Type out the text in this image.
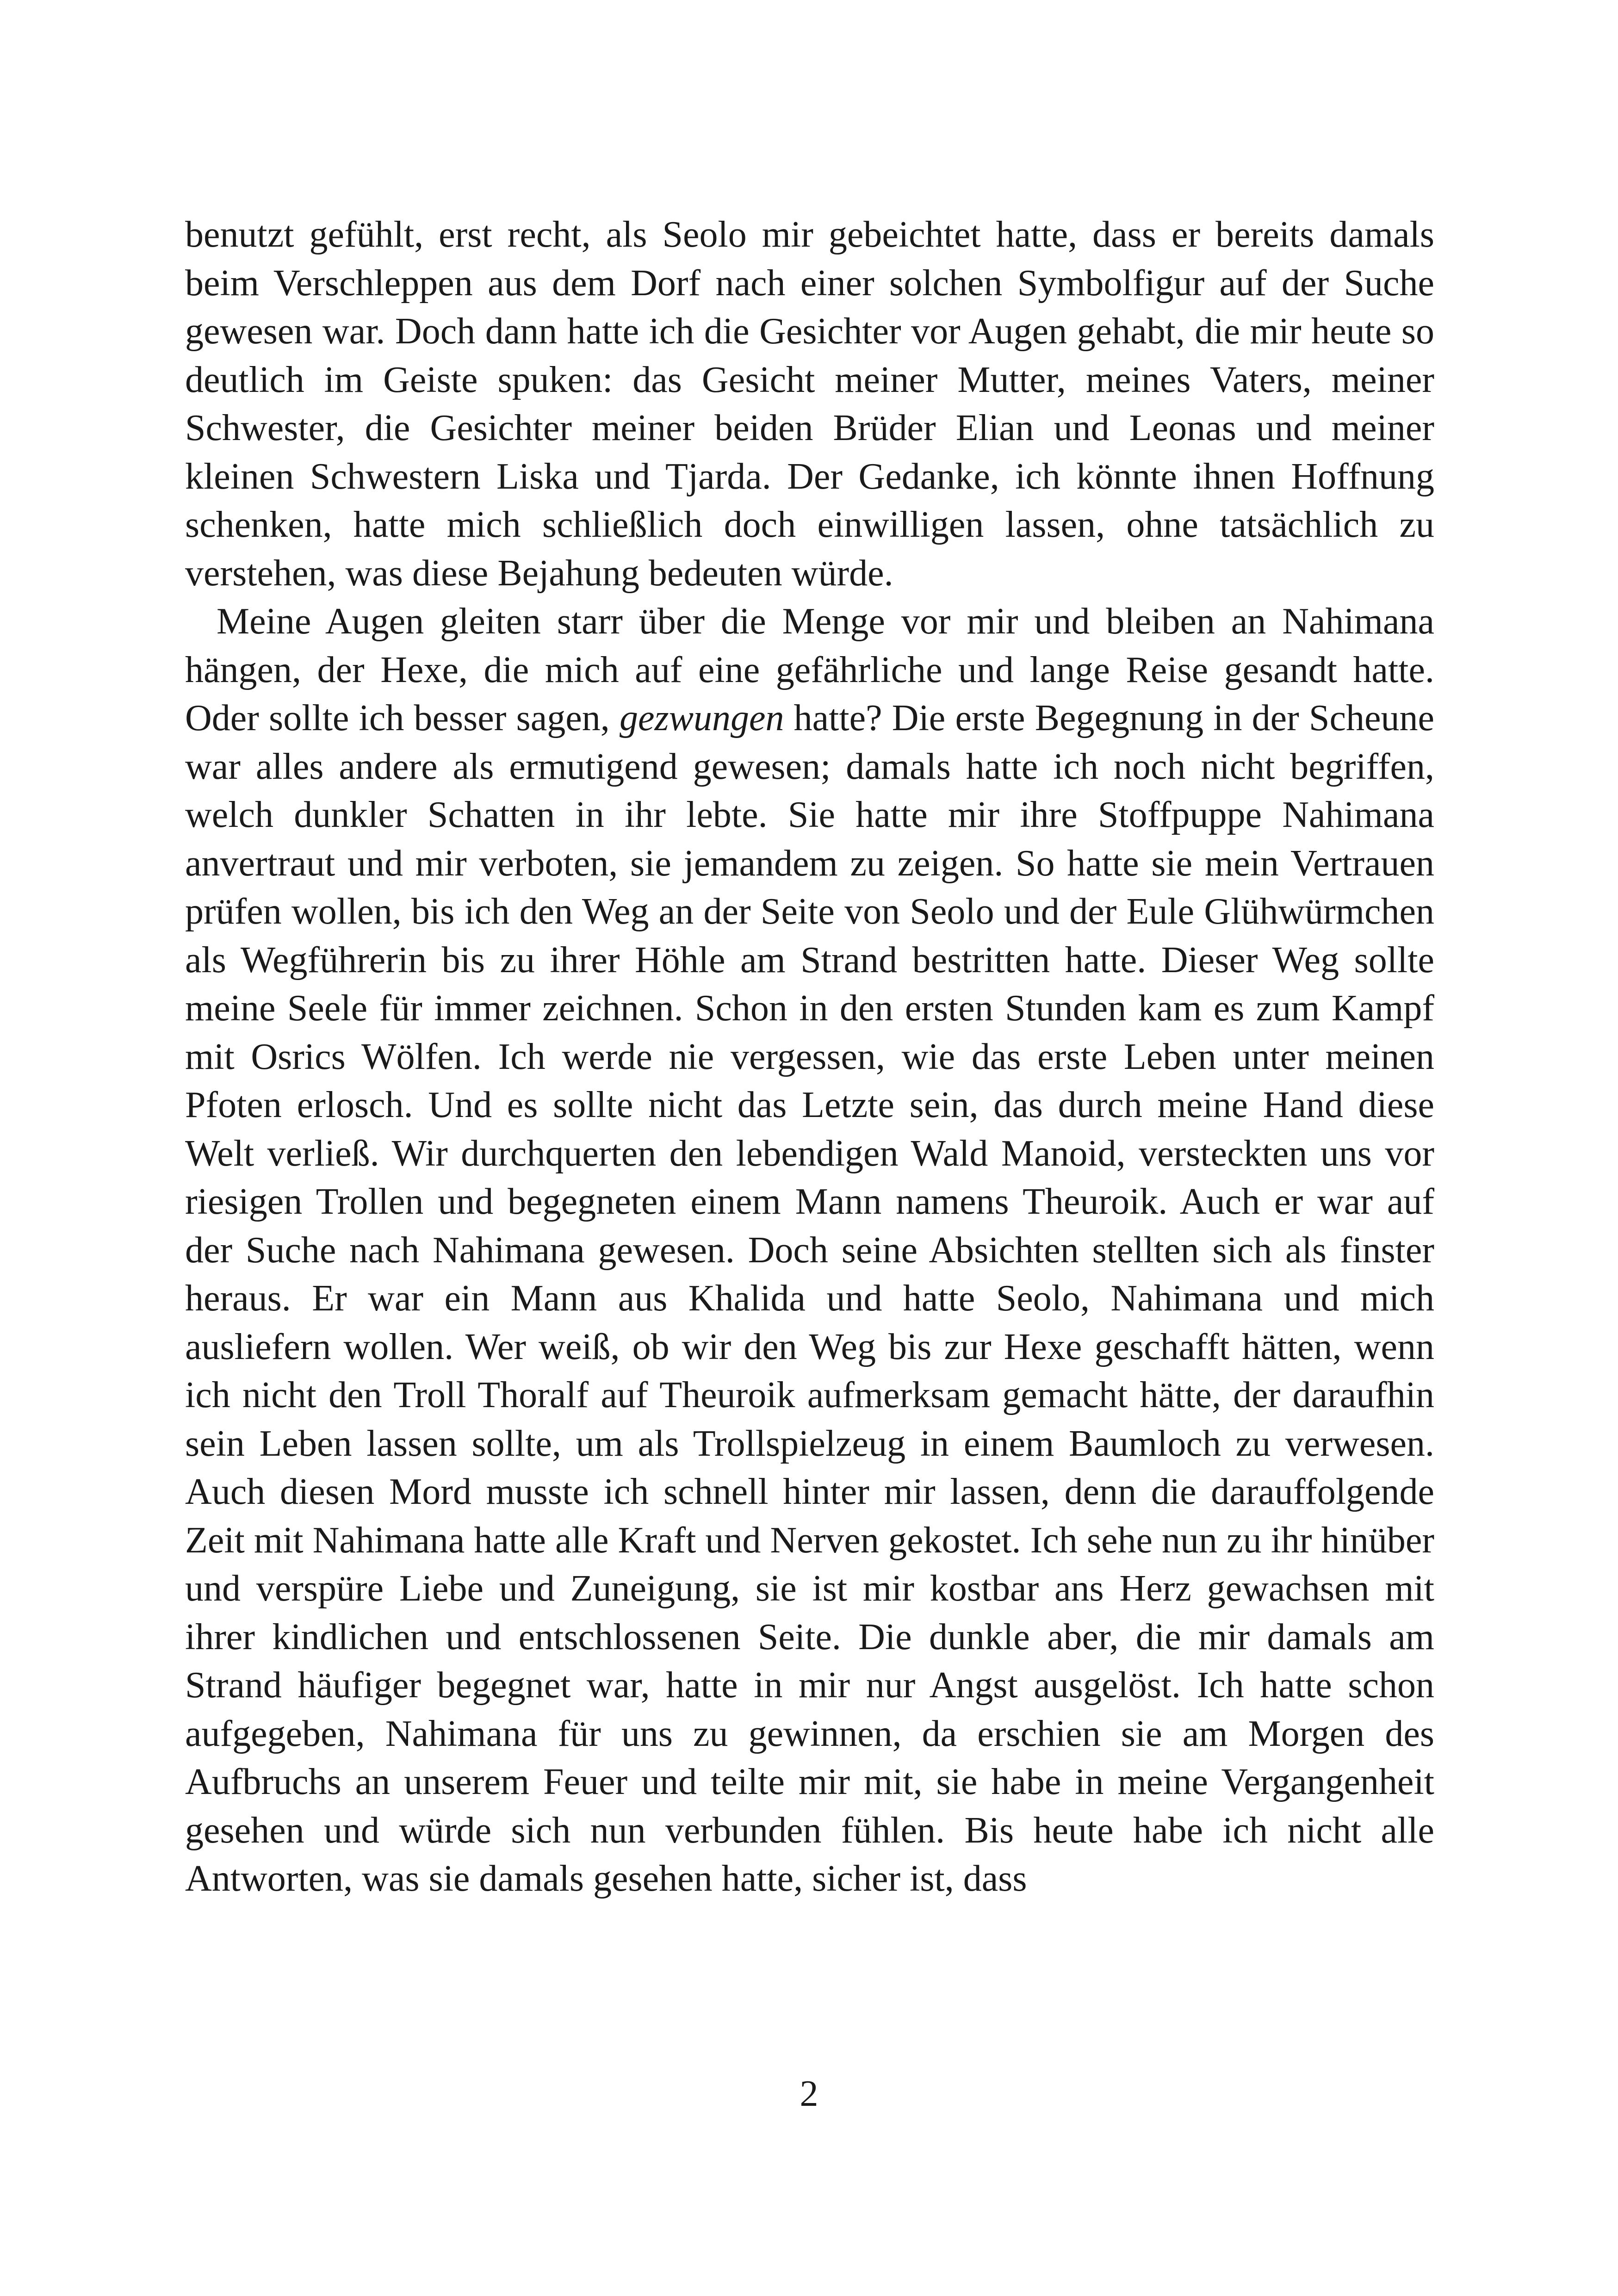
benutzt gefühlt, erst recht, als Seolo mir gebeichtet hatte, dass er bereits damals beim Verschleppen aus dem Dorf nach einer solchen Symbolfigur auf der Suche gewesen war. Doch dann hatte ich die Gesichter vor Augen gehabt, die mir heute so deutlich im Geiste spuken: das Gesicht meiner Mutter, meines Vaters, meiner Schwester, die Gesichter meiner beiden Brüder Elian und Leonas und meiner kleinen Schwestern Liska und Tjarda. Der Gedanke, ich könnte ihnen Hoffnung schenken, hatte mich schließlich doch einwilligen lassen, ohne tatsächlich zu verstehen, was diese Bejahung bedeuten würde.

Meine Augen gleiten starr über die Menge vor mir und bleiben an Nahimana hängen, der Hexe, die mich auf eine gefährliche und lange Reise gesandt hatte. Oder sollte ich besser sagen, gezwungen hatte? Die erste Begegnung in der Scheune war alles andere als ermutigend gewesen; damals hatte ich noch nicht begriffen, welch dunkler Schatten in ihr lebte. Sie hatte mir ihre Stoffpuppe Nahimana anvertraut und mir verboten, sie jemandem zu zeigen. So hatte sie mein Vertrauen prüfen wollen, bis ich den Weg an der Seite von Seolo und der Eule Glühwürmchen als Wegführerin bis zu ihrer Höhle am Strand bestritten hatte. Dieser Weg sollte meine Seele für immer zeichnen. Schon in den ersten Stunden kam es zum Kampf mit Osrics Wölfen. Ich werde nie vergessen, wie das erste Leben unter meinen Pfoten erlosch. Und es sollte nicht das Letzte sein, das durch meine Hand diese Welt verließ. Wir durchquerten den lebendigen Wald Manoid, versteckten uns vor riesigen Trollen und begegneten einem Mann namens Theuroik. Auch er war auf der Suche nach Nahimana gewesen. Doch seine Absichten stellten sich als finster heraus. Er war ein Mann aus Khalida und hatte Seolo, Nahimana und mich ausliefern wollen. Wer weiß, ob wir den Weg bis zur Hexe geschafft hätten, wenn ich nicht den Troll Thoralf auf Theuroik aufmerksam gemacht hätte, der daraufhin sein Leben lassen sollte, um als Trollspielzeug in einem Baumloch zu verwesen. Auch diesen Mord musste ich schnell hinter mir lassen, denn die darauffolgende Zeit mit Nahimana hatte alle Kraft und Nerven gekostet. Ich sehe nun zu ihr hinüber und verspüre Liebe und Zuneigung, sie ist mir kostbar ans Herz gewachsen mit ihrer kindlichen und entschlossenen Seite. Die dunkle aber, die mir damals am Strand häufiger begegnet war, hatte in mir nur Angst ausgelöst. Ich hatte schon aufgegeben, Nahimana für uns zu gewinnen, da erschien sie am Morgen des Aufbruchs an unserem Feuer und teilte mir mit, sie habe in meine Vergangenheit gesehen und würde sich nun verbunden fühlen. Bis heute habe ich nicht alle Antworten, was sie damals gesehen hatte, sicher ist, dass

2
